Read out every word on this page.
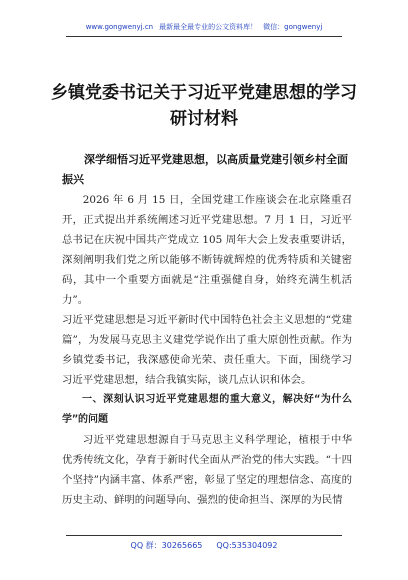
www.gongwenyj.cn 最新最全最专业的公文资料库！ 微信：gongwenyj
乡镇党委书记关于习近平党建思想的学习
研讨材料
深学细悟习近平党建思想，以高质量党建引领乡村全面振兴

2026 年 6 月 15 日，全国党建工作座谈会在北京隆重召开，正式提出并系统阐述习近平党建思想。7 月 1 日，习近平总书记在庆祝中国共产党成立 105 周年大会上发表重要讲话，深刻阐明我们党之所以能够不断铸就辉煌的优秀特质和关键密码，其中一个重要方面就是“注重强健自身，始终充满生机活力”。

习近平党建思想是习近平新时代中国特色社会主义思想的“党建篇”，为发展马克思主义建党学说作出了重大原创性贡献。作为乡镇党委书记，我深感使命光荣、责任重大。下面，围绕学习习近平党建思想，结合我镇实际，谈几点认识和体会。

一、深刻认识习近平党建思想的重大意义，解决好“为什么学”的问题

习近平党建思想源自于马克思主义科学理论，植根于中华优秀传统文化，孕育于新时代全面从严治党的伟大实践。“十四个坚持”内涵丰富、体系严密，彰显了坚定的理想信念、高度的历史主动、鲜明的问题导向、强烈的使命担当、深厚的为民情

QQ 群：30265665 QQ:535304092
